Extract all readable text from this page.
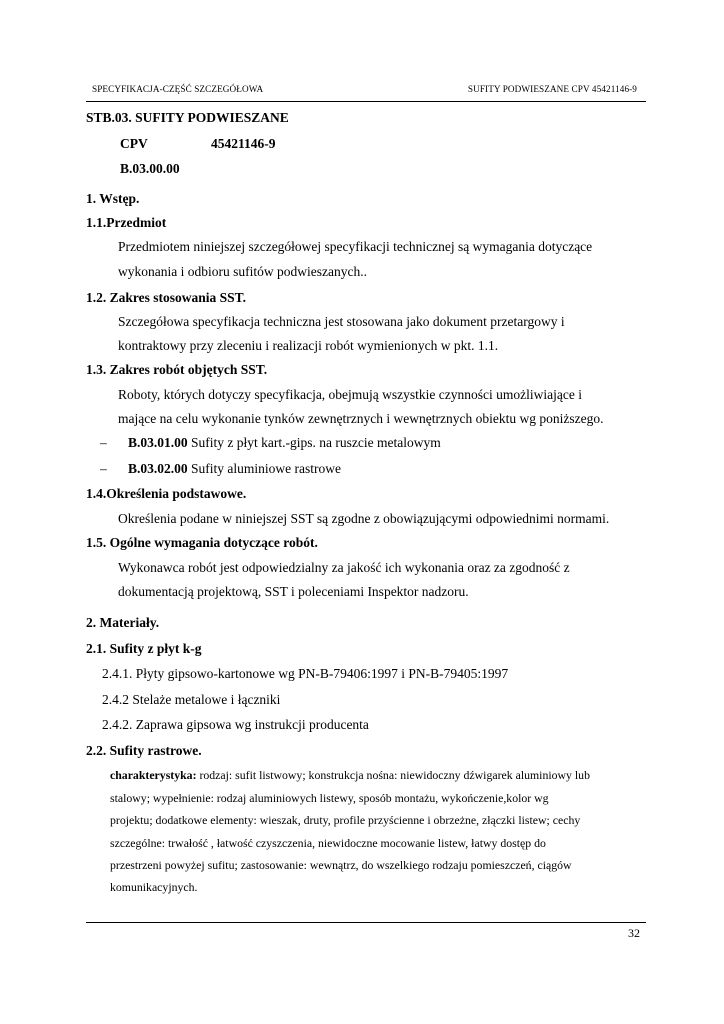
SPECYFIKACJA-CZĘŚĆ SZCZEGÓŁOWA	SUFITY PODWIESZANE CPV 45421146-9
STB.03. SUFITY PODWIESZANE
CPV	45421146-9
B.03.00.00
1. Wstęp.
1.1.Przedmiot
Przedmiotem niniejszej szczegółowej specyfikacji technicznej są wymagania dotyczące
wykonania i odbioru sufitów podwieszanych..
1.2. Zakres stosowania SST.
Szczegółowa specyfikacja techniczna jest stosowana jako dokument przetargowy i
kontraktowy przy zleceniu i realizacji robót wymienionych w pkt. 1.1.
1.3. Zakres robót objętych SST.
Roboty, których dotyczy specyfikacja, obejmują wszystkie czynności umożliwiające i
mające na celu wykonanie tynków zewnętrznych i wewnętrznych obiektu wg poniższego.
– B.03.01.00 Sufity z płyt kart.-gips. na ruszcie metalowym
– B.03.02.00 Sufity aluminiowe rastrowe
1.4.Określenia podstawowe.
Określenia podane w niniejszej SST są zgodne z obowiązującymi odpowiednimi normami.
1.5. Ogólne wymagania dotyczące robót.
Wykonawca robót jest odpowiedzialny za jakość ich wykonania oraz za zgodność z
dokumentacją projektową, SST i poleceniami Inspektor nadzoru.
2. Materiały.
2.1. Sufity z płyt k-g
2.4.1. Płyty gipsowo-kartonowe wg PN-B-79406:1997 i PN-B-79405:1997
2.4.2 Stelaże metalowe i łączniki
2.4.2. Zaprawa gipsowa wg instrukcji producenta
2.2. Sufity rastrowe.
charakterystyka: rodzaj: sufit listwowy; konstrukcja nośna: niewidoczny dźwigarek aluminiowy lub
stalowy; wypełnienie: rodzaj aluminiowych listewy, sposób montażu, wykończenie,kolor wg
projektu; dodatkowe elementy: wieszak, druty, profile przyścienne i obrzeżne, złączki listew; cechy
szczególne: trwałość , łatwość czyszczenia, niewidoczne mocowanie listew, łatwy dostęp do
przestrzeni powyżej sufitu; zastosowanie: wewnątrz, do wszelkiego rodzaju pomieszczeń, ciągów
komunikacyjnych.
32
